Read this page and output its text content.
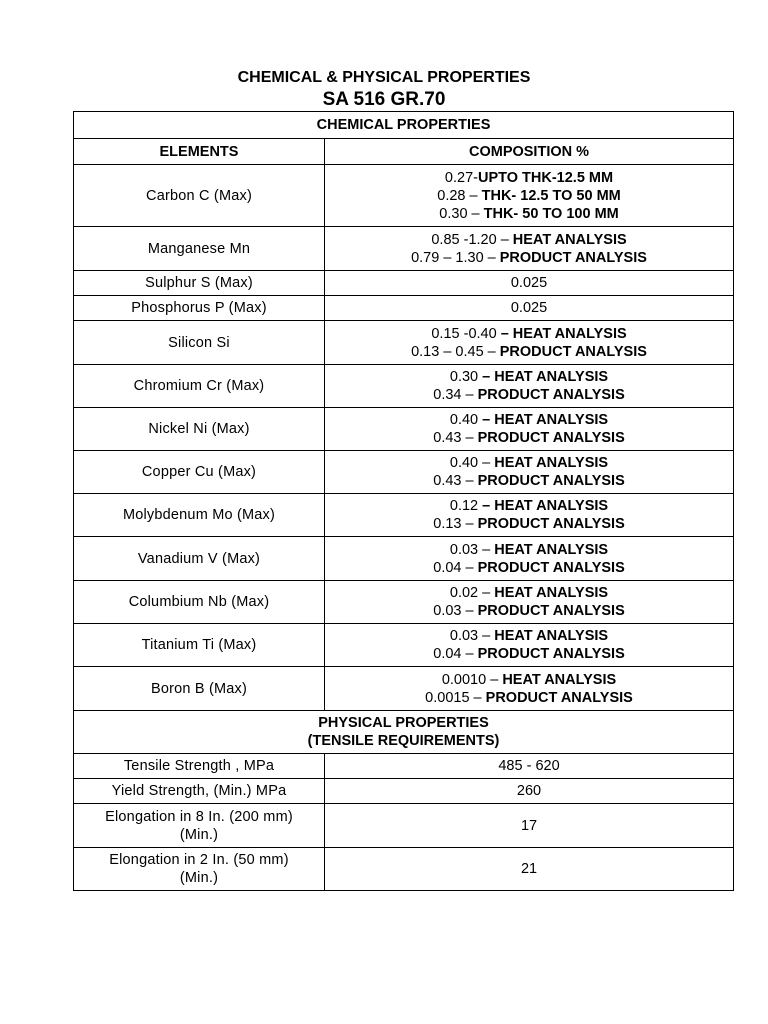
CHEMICAL & PHYSICAL PROPERTIES
SA 516 GR.70
CHEMICAL PROPERTIES	
ELEMENTS	COMPOSITION %
Carbon C (Max)	0.27-UPTO THK-12.5 MM
0.28 – THK- 12.5 TO 50 MM
0.30 – THK- 50 TO 100 MM

Manganese Mn	0.85 -1.20 – HEAT ANALYSIS
0.79 – 1.30 – PRODUCT ANALYSIS

Sulphur S (Max)	0.025

Phosphorus P (Max)	0.025

Silicon Si	0.15 -0.40 – HEAT ANALYSIS
0.13 – 0.45 – PRODUCT ANALYSIS

Chromium Cr (Max)	0.30 – HEAT ANALYSIS
0.34 – PRODUCT ANALYSIS

Nickel Ni (Max)	0.40 – HEAT ANALYSIS
0.43 – PRODUCT ANALYSIS

Copper Cu (Max)	0.40 – HEAT ANALYSIS
0.43 – PRODUCT ANALYSIS

Molybdenum Mo (Max)	0.12 – HEAT ANALYSIS
0.13 – PRODUCT ANALYSIS

Vanadium V (Max)	0.03 – HEAT ANALYSIS
0.04 – PRODUCT ANALYSIS

Columbium Nb (Max)	0.02 – HEAT ANALYSIS
0.03 – PRODUCT ANALYSIS

Titanium Ti (Max)	0.03 – HEAT ANALYSIS
0.04 – PRODUCT ANALYSIS

Boron B (Max)	0.0010 – HEAT ANALYSIS
0.0015 – PRODUCT ANALYSIS

PHYSICAL PROPERTIES
(TENSILE REQUIREMENTS)	

Tensile Strength , MPa	485 - 620

Yield Strength, (Min.) MPa	260

Elongation in 8 In. (200 mm)
(Min.)	17

Elongation in 2 In. (50 mm)
(Min.)	21
